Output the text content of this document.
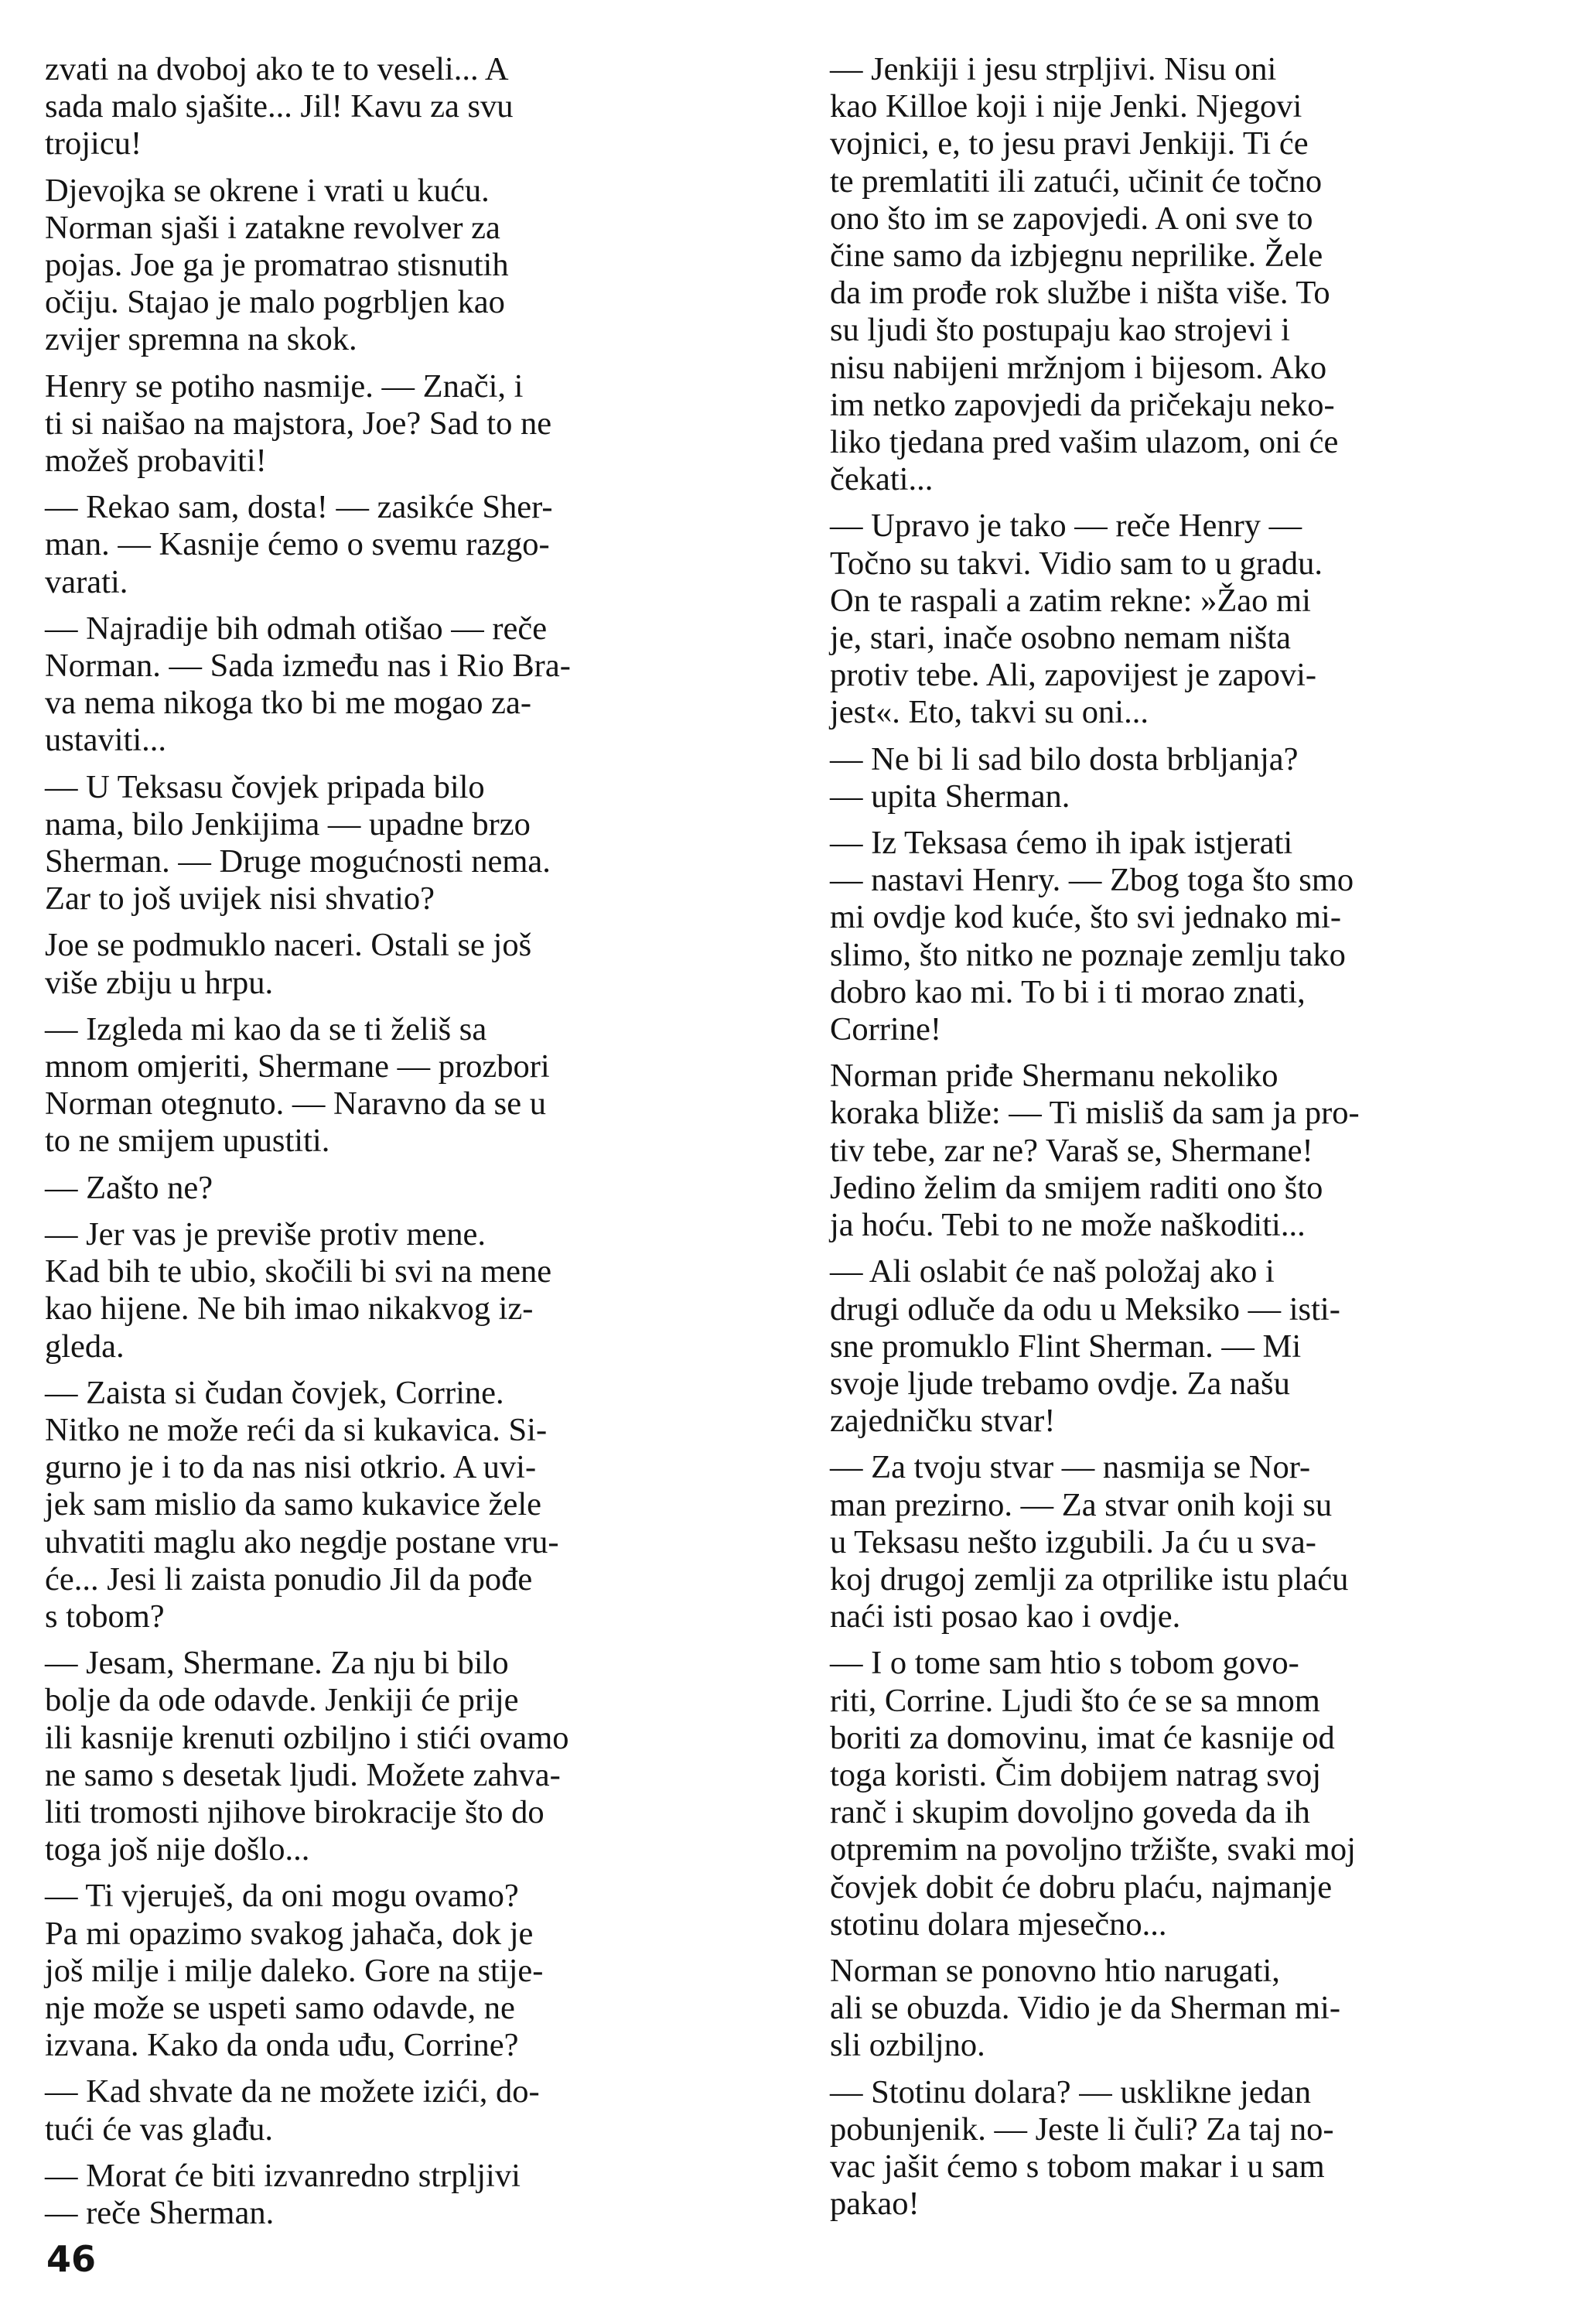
zvati na dvoboj ako te to veseli... A
sada malo sjašite... Jil! Kavu za svu
trojicu!

Djevojka se okrene i vrati u kuću.
Norman sjaši i zatakne revolver za
pojas. Joe ga je promatrao stisnutih
očiju. Stajao je malo pogrbljen kao
zvijer spremna na skok.

Henry se potiho nasmije. — Znači, i
ti si naišao na majstora, Joe? Sad to ne
možeš probaviti!

— Rekao sam, dosta! — zasikće Sher-
man. — Kasnije ćemo o svemu razgo-
varati.

— Najradije bih odmah otišao — reče
Norman. — Sada između nas i Rio Bra-
va nema nikoga tko bi me mogao za-
ustaviti...

— U Teksasu čovjek pripada bilo
nama, bilo Jenkijima — upadne brzo
Sherman. — Druge mogućnosti nema.
Zar to još uvijek nisi shvatio?

Joe se podmuklo naceri. Ostali se još
više zbiju u hrpu.

— Izgleda mi kao da se ti želiš sa
mnom omjeriti, Shermane — prozbori
Norman otegnuto. — Naravno da se u
to ne smijem upustiti.

— Zašto ne?

— Jer vas je previše protiv mene.
Kad bih te ubio, skočili bi svi na mene
kao hijene. Ne bih imao nikakvog iz-
gleda.

— Zaista si čudan čovjek, Corrine.
Nitko ne može reći da si kukavica. Si-
gurno je i to da nas nisi otkrio. A uvi-
jek sam mislio da samo kukavice žele
uhvatiti maglu ako negdje postane vru-
će... Jesi li zaista ponudio Jil da pođe
s tobom?

— Jesam, Shermane. Za nju bi bilo
bolje da ode odavde. Jenkiji će prije
ili kasnije krenuti ozbiljno i stići ovamo
ne samo s desetak ljudi. Možete zahva-
liti tromosti njihove birokracije što do
toga još nije došlo...

— Ti vjeruješ, da oni mogu ovamo?
Pa mi opazimo svakog jahača, dok je
još milje i milje daleko. Gore na stije-
nje može se uspeti samo odavde, ne
izvana. Kako da onda uđu, Corrine?

— Kad shvate da ne možete izići, do-
tući će vas glađu.

— Morat će biti izvanredno strpljivi
— reče Sherman.

— Jenkiji i jesu strpljivi. Nisu oni
kao Killoe koji i nije Jenki. Njegovi
vojnici, e, to jesu pravi Jenkiji. Ti će
te premlatiti ili zatući, učinit će točno
ono što im se zapovjedi. A oni sve to
čine samo da izbjegnu neprilike. Žele
da im prođe rok službe i ništa više. To
su ljudi što postupaju kao strojevi i
nisu nabijeni mržnjom i bijesom. Ako
im netko zapovjedi da pričekaju neko-
liko tjedana pred vašim ulazom, oni će
čekati...

— Upravo je tako — reče Henry —
Točno su takvi. Vidio sam to u gradu.
On te raspali a zatim rekne: »Žao mi
je, stari, inače osobno nemam ništa
protiv tebe. Ali, zapovijest je zapovi-
jest«. Eto, takvi su oni...

— Ne bi li sad bilo dosta brbljanja?
— upita Sherman.

— Iz Teksasa ćemo ih ipak istjerati
— nastavi Henry. — Zbog toga što smo
mi ovdje kod kuće, što svi jednako mi-
slimo, što nitko ne poznaje zemlju tako
dobro kao mi. To bi i ti morao znati,
Corrine!

Norman priđe Shermanu nekoliko
koraka bliže: — Ti misliš da sam ja pro-
tiv tebe, zar ne? Varaš se, Shermane!
Jedino želim da smijem raditi ono što
ja hoću. Tebi to ne može naškoditi...

— Ali oslabit će naš položaj ako i
drugi odluče da odu u Meksiko — isti-
sne promuklo Flint Sherman. — Mi
svoje ljude trebamo ovdje. Za našu
zajedničku stvar!

— Za tvoju stvar — nasmija se Nor-
man prezirno. — Za stvar onih koji su
u Teksasu nešto izgubili. Ja ću u sva-
koj drugoj zemlji za otprilike istu plaću
naći isti posao kao i ovdje.

— I o tome sam htio s tobom govo-
riti, Corrine. Ljudi što će se sa mnom
boriti za domovinu, imat će kasnije od
toga koristi. Čim dobijem natrag svoj
ranč i skupim dovoljno goveda da ih
otpremim na povoljno tržište, svaki moj
čovjek dobit će dobru plaću, najmanje
stotinu dolara mjesečno...

Norman se ponovno htio narugati,
ali se obuzda. Vidio je da Sherman mi-
sli ozbiljno.

— Stotinu dolara? — usklikne jedan
pobunjenik. — Jeste li čuli? Za taj no-
vac jašit ćemo s tobom makar i u sam
pakao!

46
